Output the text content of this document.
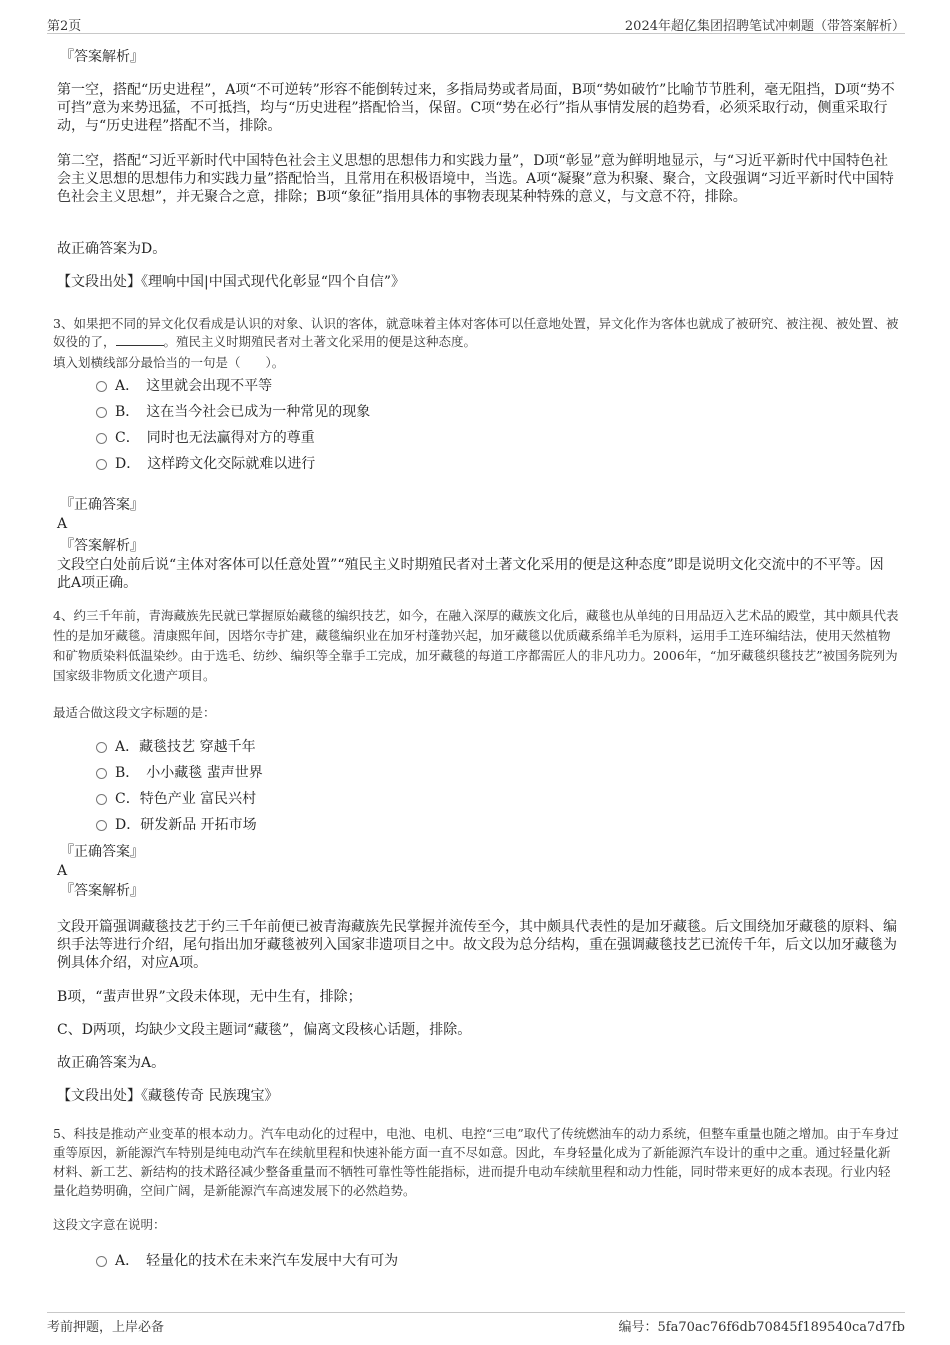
第2页	2024年超亿集团招聘笔试冲刺题（带答案解析）
『答案解析』
第一空，搭配“历史进程”，A项“不可逆转”形容不能倒转过来，多指局势或者局面，B项“势如破竹”比喻节节胜利，毫无阻挡，D项“势不可挡”意为来势迅猛，不可抵挡，均与“历史进程”搭配恰当，保留。C项“势在必行”指从事情发展的趋势看，必须采取行动，侧重采取行动，与“历史进程”搭配不当，排除。
第二空，搭配“习近平新时代中国特色社会主义思想的思想伟力和实践力量”，D项“彰显”意为鲜明地显示，与“习近平新时代中国特色社会主义思想的思想伟力和实践力量”搭配恰当，且常用在积极语境中，当选。A项“凝聚”意为积聚、聚合，文段强调“习近平新时代中国特色社会主义思想”，并无聚合之意，排除；B项“象征”指用具体的事物表现某种特殊的意义，与文意不符，排除。
故正确答案为D。
【文段出处】《理响中国|中国式现代化彰显“四个自信”》
3、如果把不同的异文化仅看成是认识的对象、认识的客体，就意味着主体对客体可以任意地处置，异文化作为客体也就成了被研究、被注视、被处置、被奴役的了，	。殖民主义时期殖民者对土著文化采用的便是这种态度。
填入划横线部分最恰当的一句是（　　）。
A．　 这里就会出现不平等
B．　 这在当今社会已成为一种常见的现象
C．　 同时也无法赢得对方的尊重
D．　 这样跨文化交际就难以进行
『正确答案』
A
『答案解析』
文段空白处前后说“主体对客体可以任意处置”“殖民主义时期殖民者对土著文化采用的便是这种态度”即是说明文化交流中的不平等。因此A项正确。
4、约三千年前，青海藏族先民就已掌握原始藏毯的编织技艺，如今，在融入深厚的藏族文化后，藏毯也从单纯的日用品迈入艺术品的殿堂，其中颇具代表性的是加牙藏毯。清康熙年间，因塔尔寺扩建，藏毯编织业在加牙村蓬勃兴起，加牙藏毯以优质藏系绵羊毛为原料，运用手工连环编结法，使用天然植物和矿物质染料低温染纱。由于选毛、纺纱、编织等全靠手工完成，加牙藏毯的每道工序都需匠人的非凡功力。2006年，“加牙藏毯织毯技艺”被国务院列为国家级非物质文化遗产项目。
最适合做这段文字标题的是：
A．藏毯技艺 穿越千年
B．　 小小藏毯 蜚声世界
C．特色产业 富民兴村
D．研发新品 开拓市场
『正确答案』
A
『答案解析』
文段开篇强调藏毯技艺于约三千年前便已被青海藏族先民掌握并流传至今，其中颇具代表性的是加牙藏毯。后文围绕加牙藏毯的原料、编织手法等进行介绍，尾句指出加牙藏毯被列入国家非遗项目之中。故文段为总分结构，重在强调藏毯技艺已流传千年，后文以加牙藏毯为例具体介绍，对应A项。
B项，“蜚声世界”文段未体现，无中生有，排除；
C、D两项，均缺少文段主题词“藏毯”，偏离文段核心话题，排除。
故正确答案为A。
【文段出处】《藏毯传奇 民族瑰宝》
5、科技是推动产业变革的根本动力。汽车电动化的过程中，电池、电机、电控“三电”取代了传统燃油车的动力系统，但整车重量也随之增加。由于车身过重等原因，新能源汽车特别是纯电动汽车在续航里程和快速补能方面一直不尽如意。因此，车身轻量化成为了新能源汽车设计的重中之重。通过轻量化新材料、新工艺、新结构的技术路径减少整备重量而不牺牲可靠性等性能指标，进而提升电动车续航里程和动力性能，同时带来更好的成本表现。行业内轻量化趋势明确，空间广阔，是新能源汽车高速发展下的必然趋势。
这段文字意在说明：
A．　 轻量化的技术在未来汽车发展中大有可为
考前押题，上岸必备	编号：5fa70ac76f6db70845f189540ca7d7fb
